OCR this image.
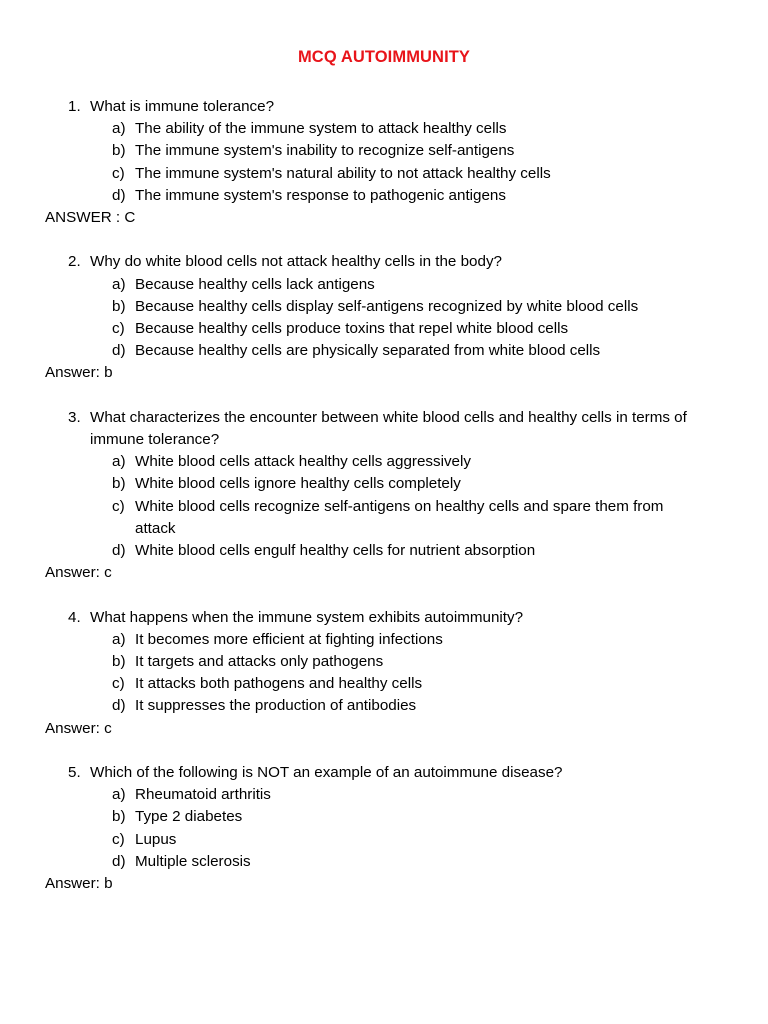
MCQ AUTOIMMUNITY
1. What is immune tolerance?
a) The ability of the immune system to attack healthy cells
b) The immune system's inability to recognize self-antigens
c) The immune system's natural ability to not attack healthy cells
d) The immune system's response to pathogenic antigens
ANSWER : C
2. Why do white blood cells not attack healthy cells in the body?
a) Because healthy cells lack antigens
b) Because healthy cells display self-antigens recognized by white blood cells
c) Because healthy cells produce toxins that repel white blood cells
d) Because healthy cells are physically separated from white blood cells
Answer: b
3. What characterizes the encounter between white blood cells and healthy cells in terms of immune tolerance?
a) White blood cells attack healthy cells aggressively
b) White blood cells ignore healthy cells completely
c) White blood cells recognize self-antigens on healthy cells and spare them from attack
d) White blood cells engulf healthy cells for nutrient absorption
Answer: c
4. What happens when the immune system exhibits autoimmunity?
a) It becomes more efficient at fighting infections
b) It targets and attacks only pathogens
c) It attacks both pathogens and healthy cells
d) It suppresses the production of antibodies
Answer: c
5. Which of the following is NOT an example of an autoimmune disease?
a) Rheumatoid arthritis
b) Type 2 diabetes
c) Lupus
d) Multiple sclerosis
Answer: b
